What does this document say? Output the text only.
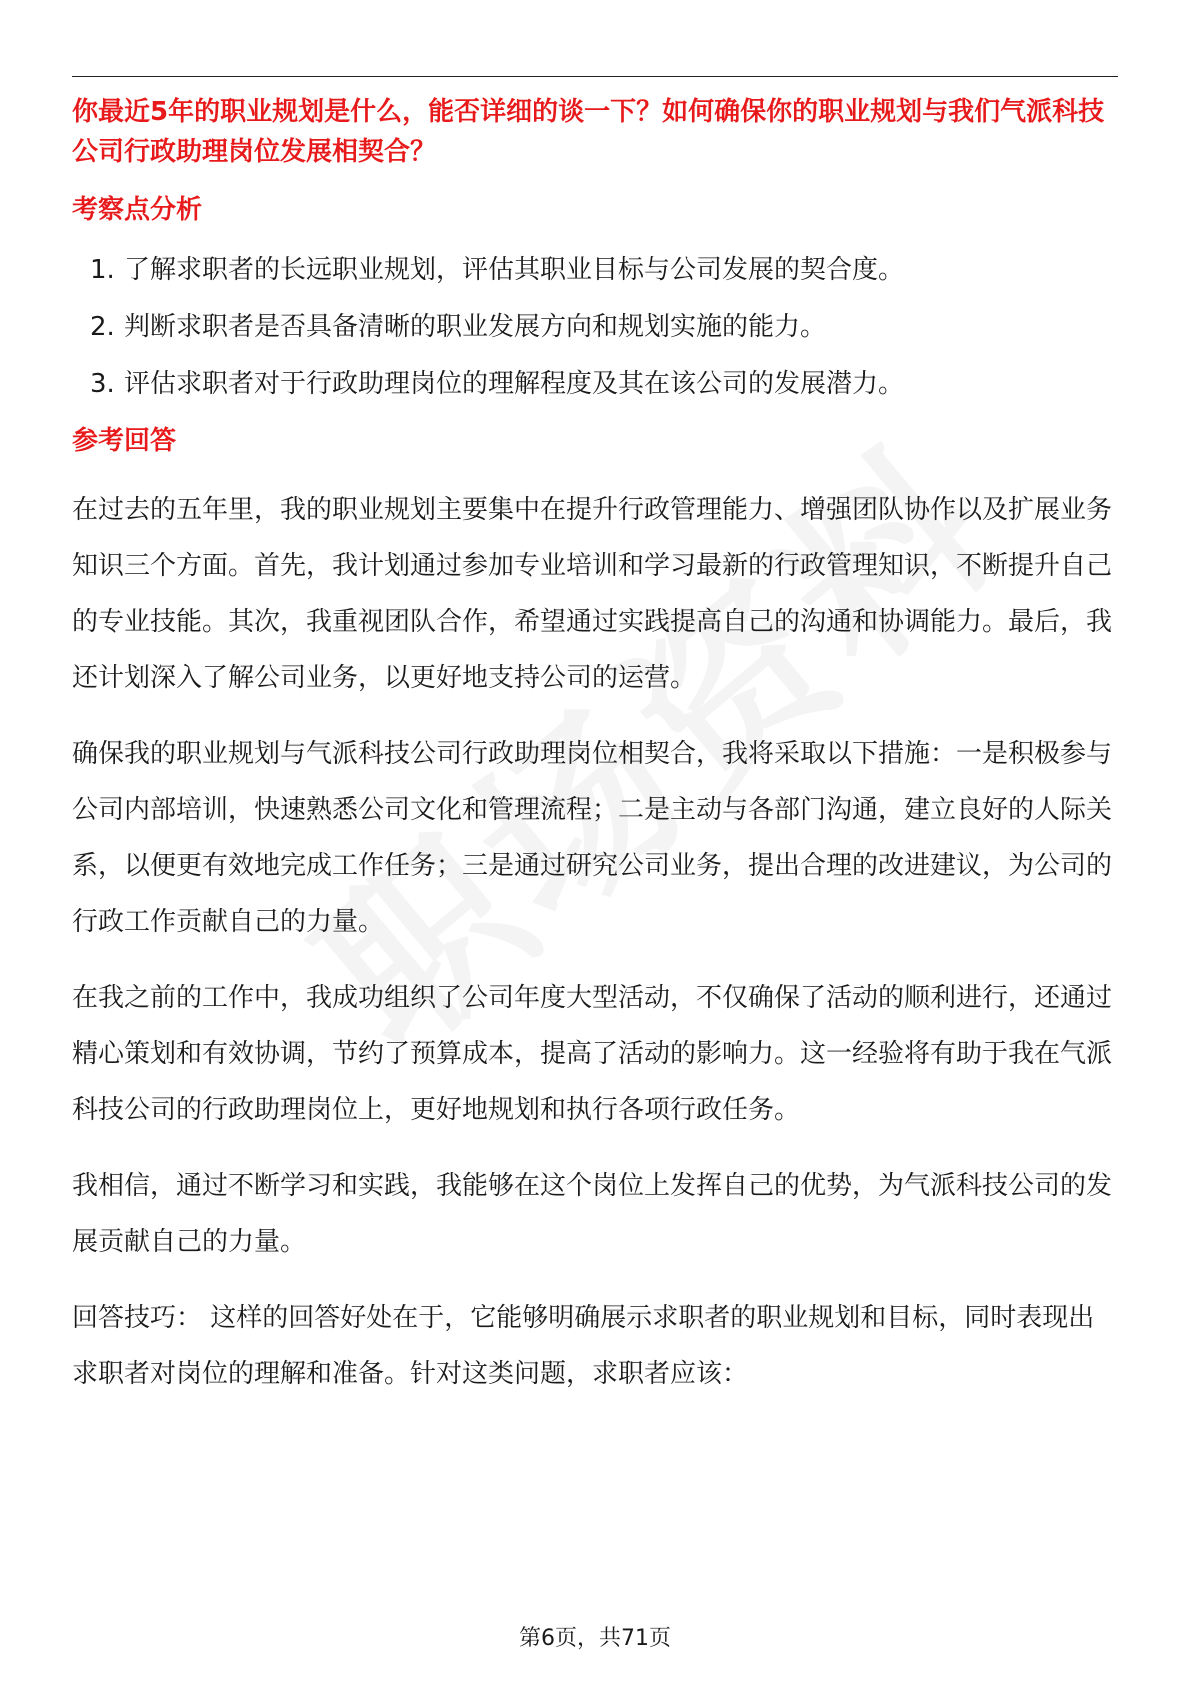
你最近5年的职业规划是什么，能否详细的谈一下？如何确保你的职业规划与我们气派科技公司行政助理岗位发展相契合？

考察点分析
1. 了解求职者的长远职业规划，评估其职业目标与公司发展的契合度。
2. 判断求职者是否具备清晰的职业发展方向和规划实施的能力。
3. 评估求职者对于行政助理岗位的理解程度及其在该公司的发展潜力。
参考回答

在过去的五年里，我的职业规划主要集中在提升行政管理能力、增强团队协作以及扩展业务知识三个方面。首先，我计划通过参加专业培训和学习最新的行政管理知识，不断提升自己的专业技能。其次，我重视团队合作，希望通过实践提高自己的沟通和协调能力。最后，我还计划深入了解公司业务，以更好地支持公司的运营。

确保我的职业规划与气派科技公司行政助理岗位相契合，我将采取以下措施：一是积极参与公司内部培训，快速熟悉公司文化和管理流程；二是主动与各部门沟通，建立良好的人际关系，以便更有效地完成工作任务；三是通过研究公司业务，提出合理的改进建议，为公司的行政工作贡献自己的力量。

在我之前的工作中，我成功组织了公司年度大型活动，不仅确保了活动的顺利进行，还通过精心策划和有效协调，节约了预算成本，提高了活动的影响力。这一经验将有助于我在气派科技公司的行政助理岗位上，更好地规划和执行各项行政任务。

我相信，通过不断学习和实践，我能够在这个岗位上发挥自己的优势，为气派科技公司的发展贡献自己的力量。

回答技巧： 这样的回答好处在于，它能够明确展示求职者的职业规划和目标，同时表现出求职者对岗位的理解和准备。针对这类问题，求职者应该：

第6页，共71页
